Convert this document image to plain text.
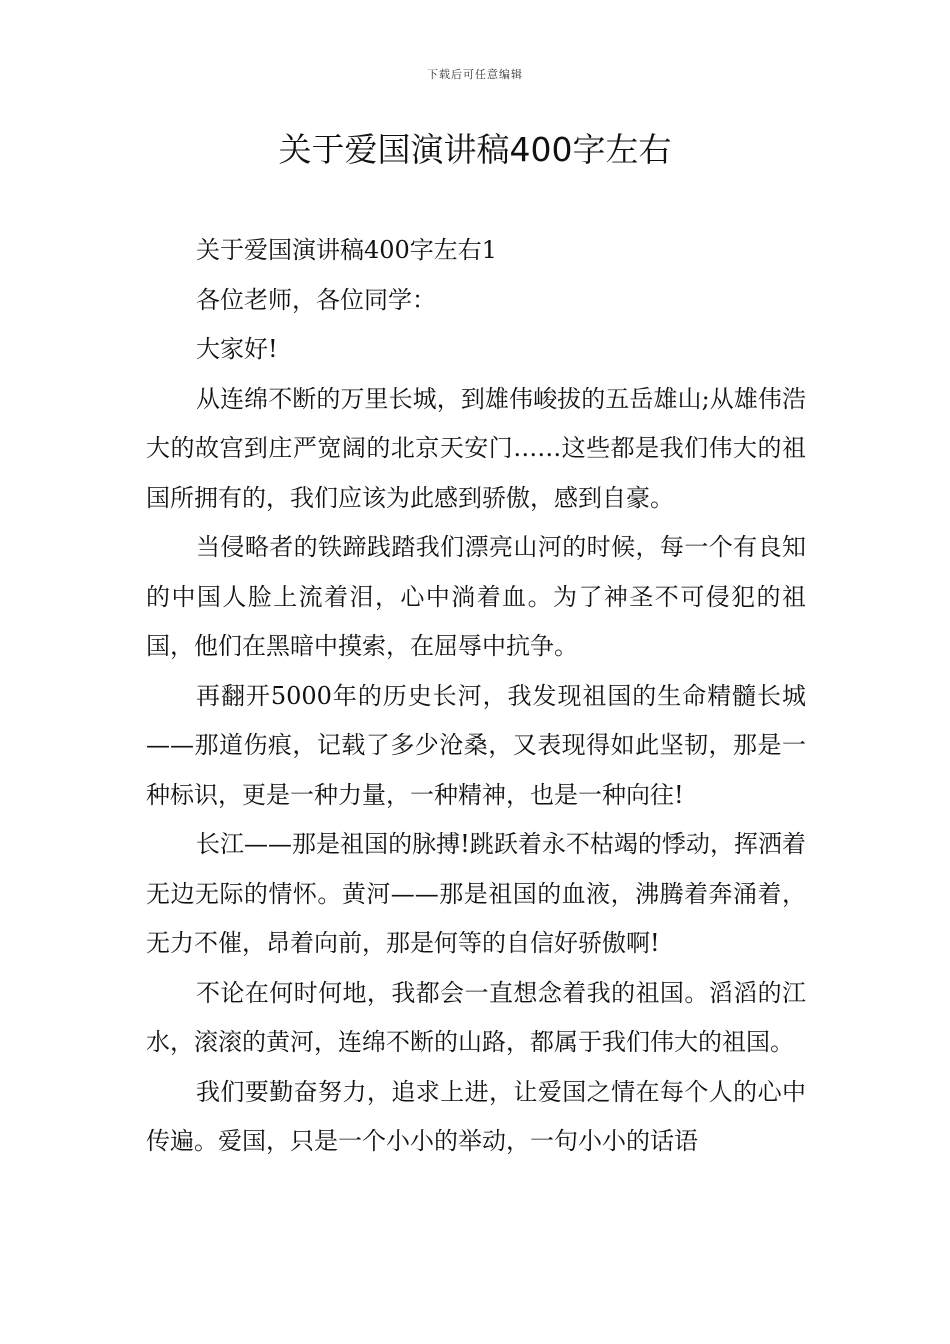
下载后可任意编辑
关于爱国演讲稿400字左右

关于爱国演讲稿400字左右1

各位老师，各位同学：

大家好!

从连绵不断的万里长城，到雄伟峻拔的五岳雄山;从雄伟浩大的故宫到庄严宽阔的北京天安门……这些都是我们伟大的祖国所拥有的，我们应该为此感到骄傲，感到自豪。

当侵略者的铁蹄践踏我们漂亮山河的时候，每一个有良知的中国人脸上流着泪，心中淌着血。为了神圣不可侵犯的祖国，他们在黑暗中摸索，在屈辱中抗争。

再翻开5000年的历史长河，我发现祖国的生命精髓长城——那道伤痕，记载了多少沧桑，又表现得如此坚韧，那是一种标识，更是一种力量，一种精神，也是一种向往!

长江——那是祖国的脉搏!跳跃着永不枯竭的悸动，挥洒着无边无际的情怀。黄河——那是祖国的血液，沸腾着奔涌着，无力不催，昂着向前，那是何等的自信好骄傲啊!

不论在何时何地，我都会一直想念着我的祖国。滔滔的江水，滚滚的黄河，连绵不断的山路，都属于我们伟大的祖国。

我们要勤奋努力，追求上进，让爱国之情在每个人的心中传遍。爱国，只是一个小小的举动，一句小小的话语
